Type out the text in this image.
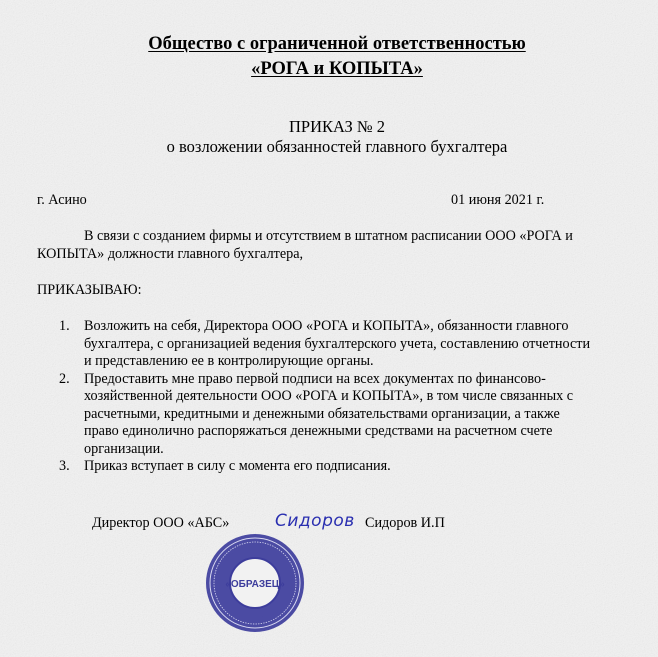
Общество с ограниченной ответственностью
«РОГА и КОПЫТА»
ПРИКАЗ № 2
о возложении обязанностей главного бухгалтера
г. Асино	01 июня 2021 г.
В связи с созданием фирмы и отсутствием в штатном расписании ООО «РОГА и
КОПЫТА» должности главного бухгалтера,
ПРИКАЗЫВАЮ:
1. Возложить на себя, Директора ООО «РОГА и КОПЫТА», обязанности главного
бухгалтера, с организацией ведения бухгалтерского учета, составлению отчетности
и представлению ее в контролирующие органы.
2. Предоставить мне право первой подписи на всех документах по финансово-
хозяйственной деятельности ООО «РОГА и КОПЫТА», в том числе связанных с
расчетными, кредитными и денежными обязательствами организации, а также
право единолично распоряжаться денежными средствами на расчетном счете
организации.
3. Приказ вступает в силу с момента его подписания.
Директор ООО «АБС»	Сидоров Сидоров И.П
«ОБРАЗЕЦ»
